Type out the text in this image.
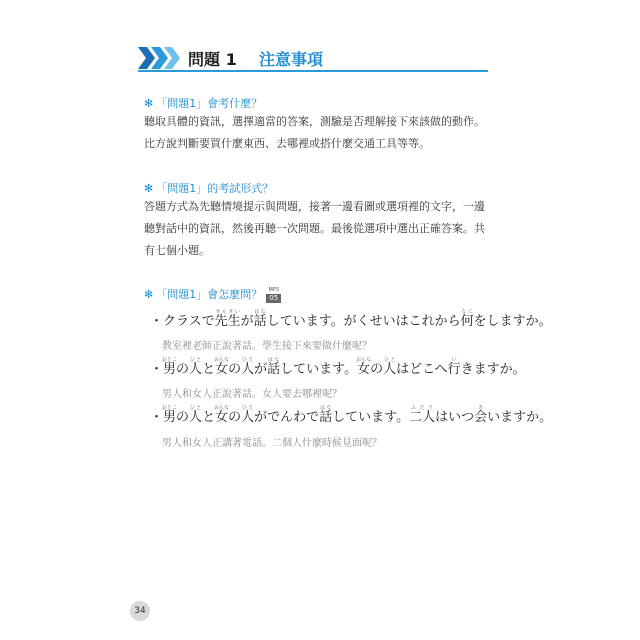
問題 1 注意事項
✻ 「問題1」會考什麼？
聽取具體的資訊，選擇適當的答案，測驗是否理解接下來該做的動作。比方說判斷要買什麼東西、去哪裡或搭什麼交通工具等等。
✻ 「問題1」的考試形式？
答題方式為先聽情境提示與問題，接著一邊看圖或選項裡的文字，一邊聽對話中的資訊，然後再聽一次問題。最後從選項中選出正確答案。共有七個小題。
✻ 「問題1」會怎麼問？	MP3
05
・クラスで先生せんせいが話はなしています。がくせいはこれから何なにをしますか。
教室裡老師正說著話。學生接下來要做什麼呢？
・男おとこの人ひとと女おんなの人ひとが話はなしています。女おんなの人ひとはどこへ行いきますか。
男人和女人正說著話。女人要去哪裡呢？
・男おとこの人ひとと女おんなの人ひとがでんわで話はなしています。二人ふたりはいつ会あいますか。
男人和女人正講著電話。二個人什麼時候見面呢？
34
